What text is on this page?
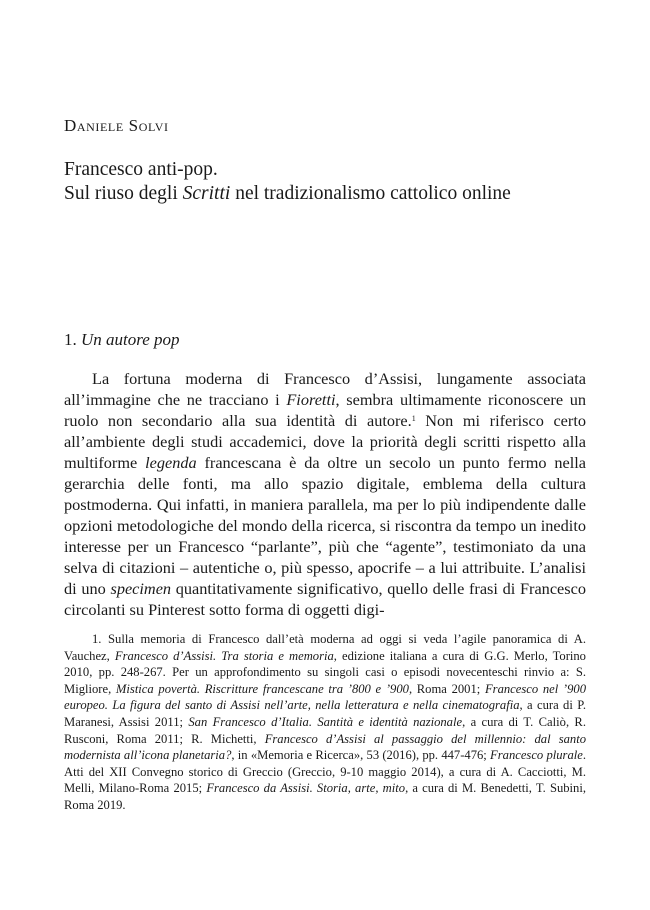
Daniele Solvi
Francesco anti-pop.
Sul riuso degli Scritti nel tradizionalismo cattolico online
1. Un autore pop

La fortuna moderna di Francesco d’Assisi, lungamente associata all’immagine che ne tracciano i Fioretti, sembra ultimamente riconoscere un ruolo non secondario alla sua identità di autore.$^1$ Non mi riferisco certo all’ambiente degli studi accademici, dove la priorità degli scritti rispetto alla multiforme legenda francescana è da oltre un secolo un punto fermo nella gerarchia delle fonti, ma allo spazio digitale, emblema della cultura postmoderna. Qui infatti, in maniera parallela, ma per lo più indipendente dalle opzioni metodologiche del mondo della ricerca, si riscontra da tempo un inedito interesse per un Francesco “parlante”, più che “agente”, testimoniato da una selva di citazioni – autentiche o, più spesso, apocrife – a lui attribuite. L’analisi di uno specimen quantitativamente significativo, quello delle frasi di Francesco circolanti su Pinterest sotto forma di oggetti digi-

1. Sulla memoria di Francesco dall’età moderna ad oggi si veda l’agile panoramica di A. Vauchez, Francesco d’Assisi. Tra storia e memoria, edizione italiana a cura di G.G. Merlo, Torino 2010, pp. 248-267. Per un approfondimento su singoli casi o episodi novecenteschi rinvio a: S. Migliore, Mistica povertà. Riscritture francescane tra ’800 e ’900, Roma 2001; Francesco nel ’900 europeo. La figura del santo di Assisi nell’arte, nella letteratura e nella cinematografia, a cura di P. Maranesi, Assisi 2011; San Francesco d’Italia. Santità e identità nazionale, a cura di T. Caliò, R. Rusconi, Roma 2011; R. Michetti, Francesco d’Assisi al passaggio del millennio: dal santo modernista all’icona planetaria?, in «Memoria e Ricerca», 53 (2016), pp. 447-476; Francesco plurale. Atti del XII Convegno storico di Greccio (Greccio, 9-10 maggio 2014), a cura di A. Cacciotti, M. Melli, Milano-Roma 2015; Francesco da Assisi. Storia, arte, mito, a cura di M. Benedetti, T. Subini, Roma 2019.
